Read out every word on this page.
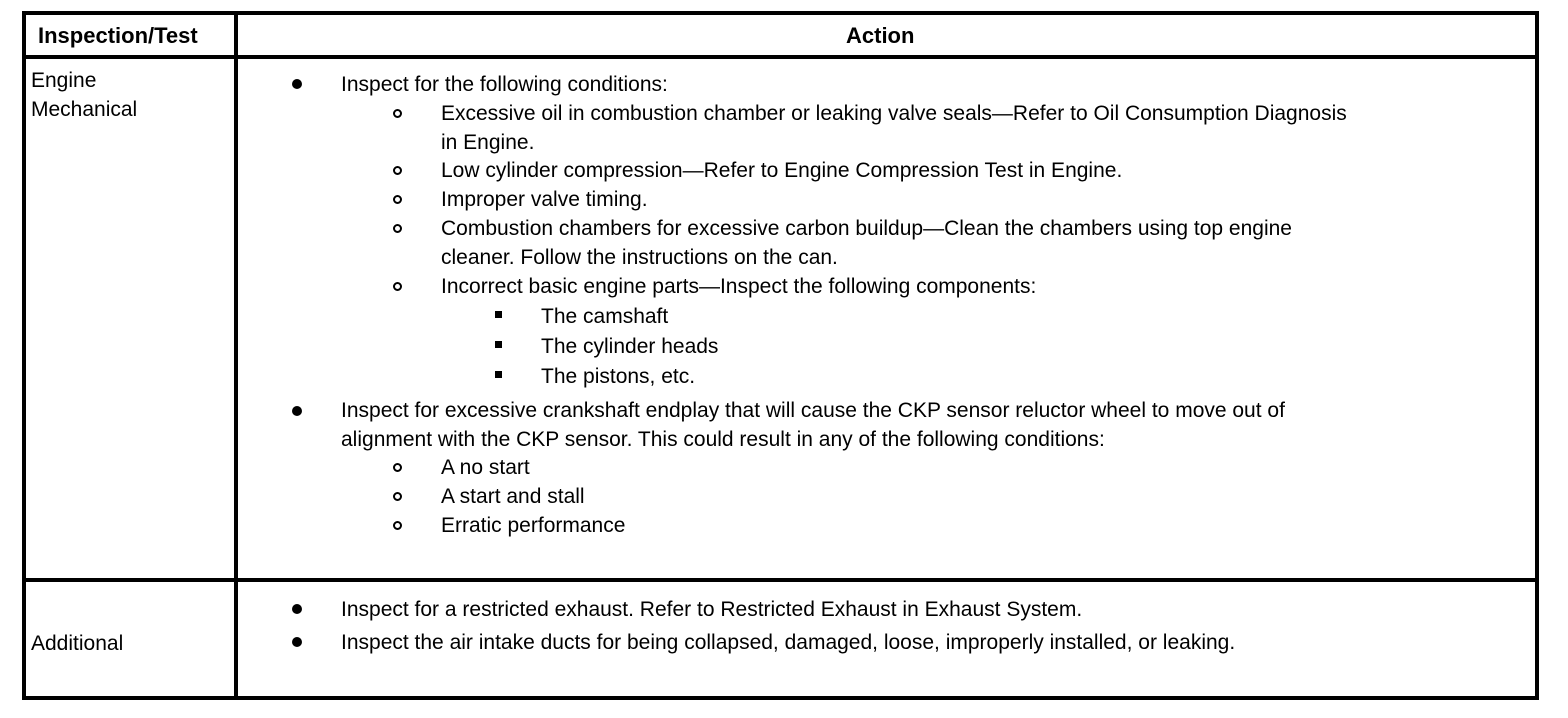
Inspection/Test	Action
Engine
Mechanical
Inspect for the following conditions:
Excessive oil in combustion chamber or leaking valve seals—Refer to Oil Consumption Diagnosis
in Engine.
Low cylinder compression—Refer to Engine Compression Test in Engine.
Improper valve timing.
Combustion chambers for excessive carbon buildup—Clean the chambers using top engine
cleaner. Follow the instructions on the can.
Incorrect basic engine parts—Inspect the following components:
The camshaft
The cylinder heads
The pistons, etc.
Inspect for excessive crankshaft endplay that will cause the CKP sensor reluctor wheel to move out of
alignment with the CKP sensor. This could result in any of the following conditions:
A no start
A start and stall
Erratic performance
Additional
Inspect for a restricted exhaust. Refer to Restricted Exhaust in Exhaust System.
Inspect the air intake ducts for being collapsed, damaged, loose, improperly installed, or leaking.
